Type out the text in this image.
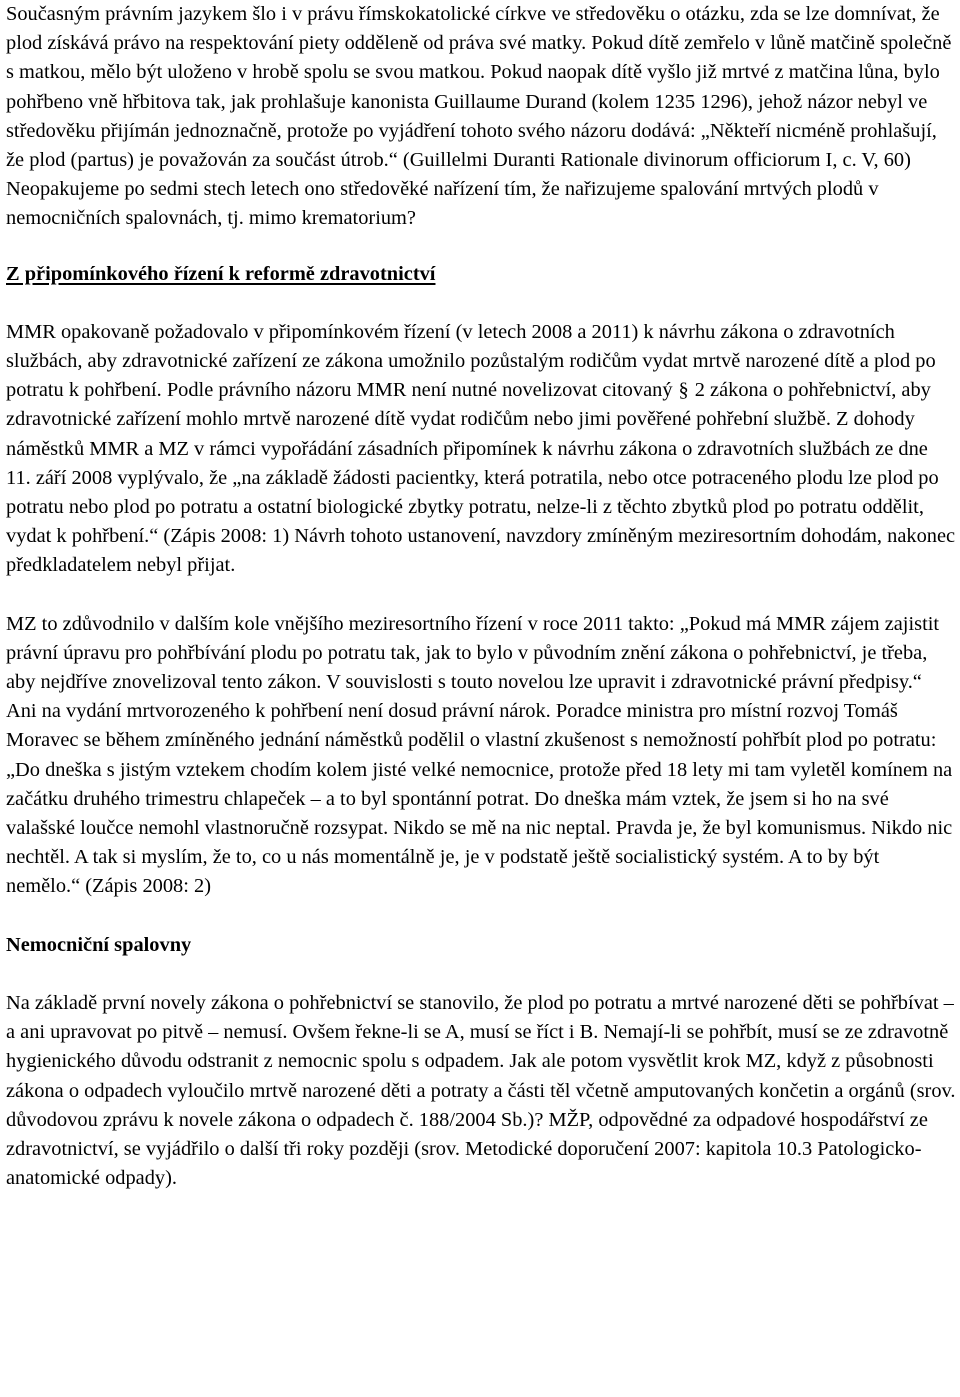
Současným právním jazykem šlo i v právu římskokatolické církve ve středověku o otázku, zda se lze domnívat, že plod získává právo na respektování piety odděleně od práva své matky. Pokud dítě zemřelo v lůně matčině společně s matkou, mělo být uloženo v hrobě spolu se svou matkou. Pokud naopak dítě vyšlo již mrtvé z matčina lůna, bylo pohřbeno vně hřbitova tak, jak prohlašuje kanonista Guillaume Durand (kolem 1235 1296), jehož názor nebyl ve středověku přijímán jednoznačně, protože po vyjádření tohoto svého názoru dodává: „Někteří nicméně prohlašují, že plod (partus) je považován za součást útrob.“ (Guillelmi Duranti Rationale divinorum officiorum I, c. V, 60) Neopakujeme po sedmi stech letech ono středověké nařízení tím, že nařizujeme spalování mrtvých plodů v nemocničních spalovnách, tj. mimo krematorium?

Z připomínkového řízení k reformě zdravotnictví

MMR opakovaně požadovalo v připomínkovém řízení (v letech 2008 a 2011) k návrhu zákona o zdravotních službách, aby zdravotnické zařízení ze zákona umožnilo pozůstalým rodičům vydat mrtvě narozené dítě a plod po potratu k pohřbení. Podle právního názoru MMR není nutné novelizovat citovaný § 2 zákona o pohřebnictví, aby zdravotnické zařízení mohlo mrtvě narozené dítě vydat rodičům nebo jimi pověřené pohřební službě. Z dohody náměstků MMR a MZ v rámci vypořádání zásadních připomínek k návrhu zákona o zdravotních službách ze dne 11. září 2008 vyplývalo, že „na základě žádosti pacientky, která potratila, nebo otce potraceného plodu lze plod po potratu nebo plod po potratu a ostatní biologické zbytky potratu, nelze-li z těchto zbytků plod po potratu oddělit, vydat k pohřbení.“ (Zápis 2008: 1) Návrh tohoto ustanovení, navzdory zmíněným meziresortním dohodám, nakonec předkladatelem nebyl přijat.

MZ to zdůvodnilo v dalším kole vnějšího meziresortního řízení v roce 2011 takto: „Pokud má MMR zájem zajistit právní úpravu pro pohřbívání plodu po potratu tak, jak to bylo v původním znění zákona o pohřebnictví, je třeba, aby nejdříve znovelizoval tento zákon. V souvislosti s touto novelou lze upravit i zdravotnické právní předpisy.“ Ani na vydání mrtvorozeného k pohřbení není dosud právní nárok. Poradce ministra pro místní rozvoj Tomáš Moravec se během zmíněného jednání náměstků podělil o vlastní zkušenost s nemožností pohřbít plod po potratu: „Do dneška s jistým vztekem chodím kolem jisté velké nemocnice, protože před 18 lety mi tam vyletěl komínem na začátku druhého trimestru chlapeček – a to byl spontánní potrat. Do dneška mám vztek, že jsem si ho na své valašské loučce nemohl vlastnoručně rozsypat. Nikdo se mě na nic neptal. Pravda je, že byl komunismus. Nikdo nic nechtěl. A tak si myslím, že to, co u nás momentálně je, je v podstatě ještě socialistický systém. A to by být nemělo.“ (Zápis 2008: 2)

Nemocniční spalovny

Na základě první novely zákona o pohřebnictví se stanovilo, že plod po potratu a mrtvé narozené děti se pohřbívat – a ani upravovat po pitvě – nemusí. Ovšem řekne-li se A, musí se říct i B. Nemají-li se pohřbít, musí se ze zdravotně hygienického důvodu odstranit z nemocnic spolu s odpadem. Jak ale potom vysvětlit krok MZ, když z působnosti zákona o odpadech vyloučilo mrtvě narozené děti a potraty a části těl včetně amputovaných končetin a orgánů (srov. důvodovou zprávu k novele zákona o odpadech č. 188/2004 Sb.)? MŽP, odpovědné za odpadové hospodářství ze zdravotnictví, se vyjádřilo o další tři roky později (srov. Metodické doporučení 2007: kapitola 10.3 Patologicko-anatomické odpady).
